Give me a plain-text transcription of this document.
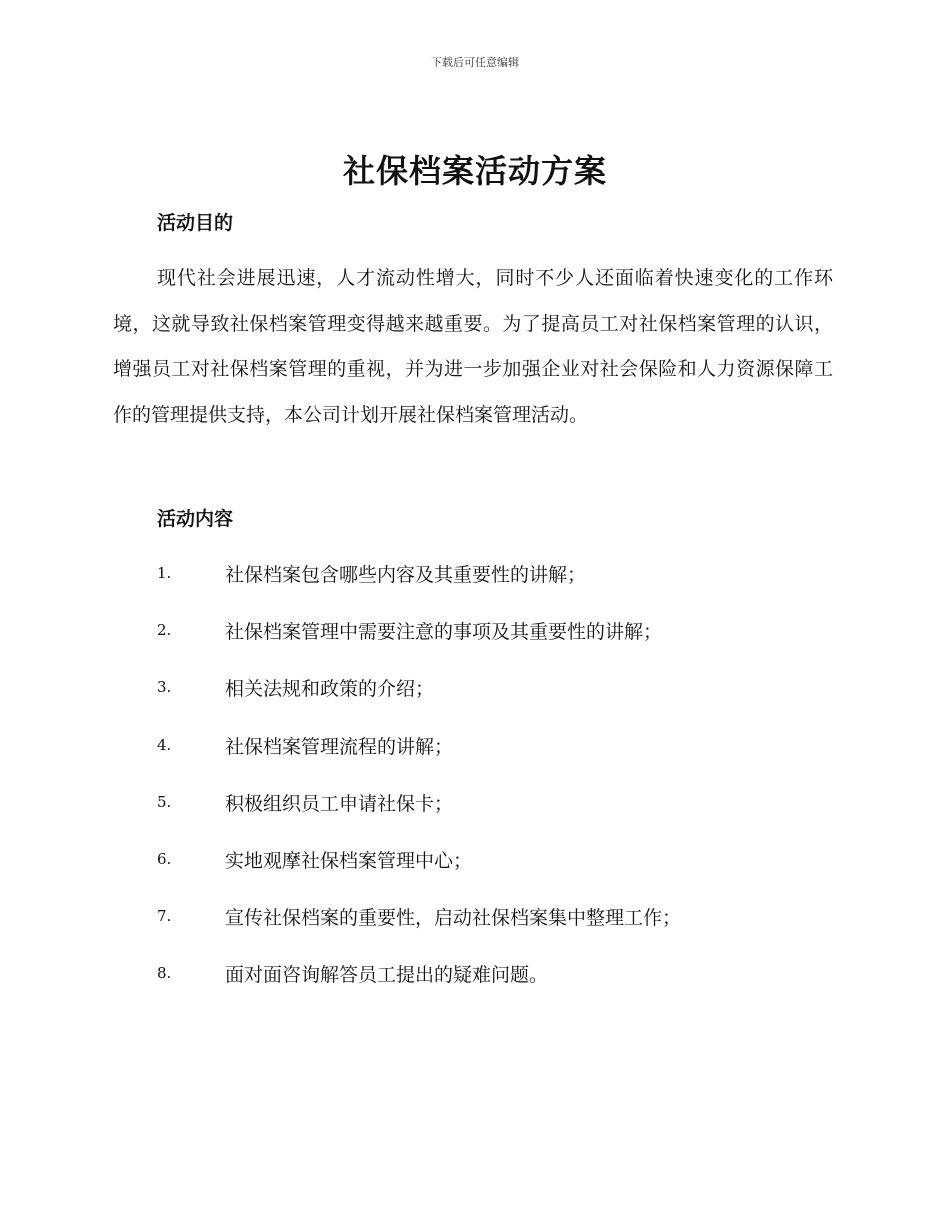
下载后可任意编辑

社保档案活动方案
活动目的

现代社会进展迅速，人才流动性增大，同时不少人还面临着快速变化的工作环境，这就导致社保档案管理变得越来越重要。为了提高员工对社保档案管理的认识，增强员工对社保档案管理的重视，并为进一步加强企业对社会保险和人力资源保障工作的管理提供支持，本公司计划开展社保档案管理活动。

活动内容
1.	社保档案包含哪些内容及其重要性的讲解；
2.	社保档案管理中需要注意的事项及其重要性的讲解；
3.	相关法规和政策的介绍；
4.	社保档案管理流程的讲解；
5.	积极组织员工申请社保卡；
6.	实地观摩社保档案管理中心；
7.	宣传社保档案的重要性，启动社保档案集中整理工作；
8.	面对面咨询解答员工提出的疑难问题。
